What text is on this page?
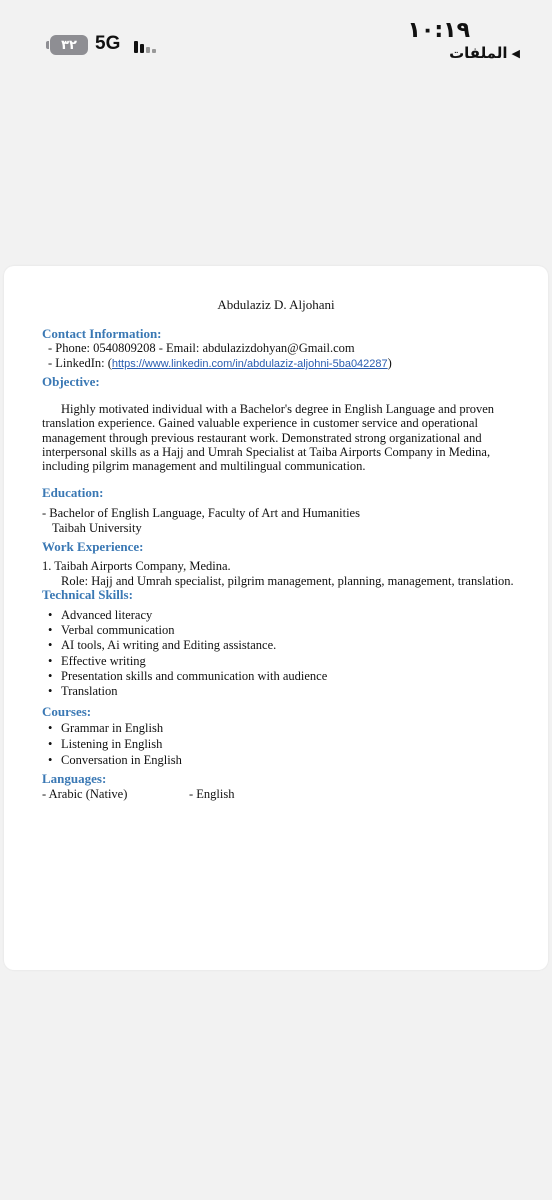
٣٢ 5G
١٠:١٩
الملفات ◀
Abdulaziz D. Aljohani
Contact Information:
- Phone: 0540809208 - Email: abdulazizdohyan@Gmail.com
- LinkedIn: (https://www.linkedin.com/in/abdulaziz-aljohni-5ba042287)
Objective:
Highly motivated individual with a Bachelor's degree in English Language and proven translation experience. Gained valuable experience in customer service and operational management through previous restaurant work. Demonstrated strong organizational and interpersonal skills as a Hajj and Umrah Specialist at Taiba Airports Company in Medina, including pilgrim management and multilingual communication.
Education:
- Bachelor of English Language, Faculty of Art and Humanities
Taibah University
Work Experience:
1. Taibah Airports Company, Medina.
Role: Hajj and Umrah specialist, pilgrim management, planning, management, translation.
Technical Skills:
• Advanced literacy
• Verbal communication
• AI tools, Ai writing and Editing assistance.
• Effective writing
• Presentation skills and communication with audience
• Translation
Courses:
• Grammar in English
• Listening in English
• Conversation in English
Languages:
- Arabic (Native)	- English
